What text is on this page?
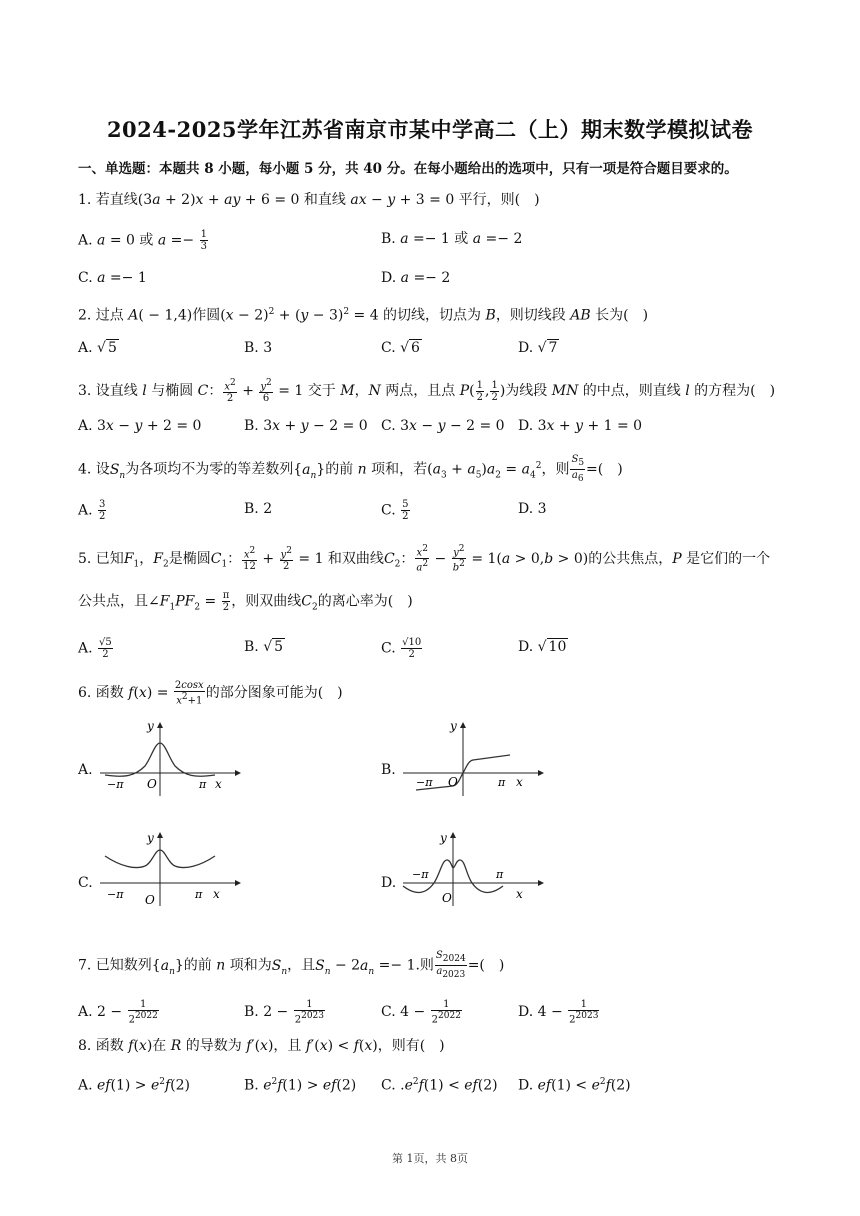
2024-2025学年江苏省南京市某中学高二（上）期末数学模拟试卷
一、单选题：本题共 8 小题，每小题 5 分，共 40 分。在每小题给出的选项中，只有一项是符合题目要求的。
1. 若直线(3a + 2)x + ay + 6 = 0 和直线 ax − y + 3 = 0 平行，则(　)
A. a = 0 或 $a =- \frac{1}{3}$	B. a =− 1 或 a =− 2
C. a =− 1	D. a =− 2
2. 过点 A( − 1,4)作圆$(x - 2)^2 + (y - 3)^2 = 4$ 的切线，切点为 B，则切线段 AB 长为(　)
A. √ 5	B. 3	C. √ 6	D. √ 7
3. 设直线 l 与椭圆 C： $\frac{x^2}{2} + \frac{y^2}{6} = 1$ 交于 M，N 两点，且点 $P( \frac{1}{2}$ , $\frac{1}{2}$ )为线段 MN 的中点，则直线 l 的方程为(　)
A. 3x − y + 2 = 0	B. 3x + y − 2 = 0 C. 3x − y − 2 = 0 D. 3x + y + 1 = 0
4. 设$S_n$为各项均不为零的等差数列$\{a_n\}$的前 n 项和，若$(a_3 + a_5)a_2 = a_4^2$，则 $\frac{S_5}{a_6}$ =(　)
A. $\frac{3}{2}$	B. 2	C. $\frac{5}{2}$	D. 3
5. 已知$F_1$，$F_2$是椭圆$C_1$： $\frac{x^2}{12} + \frac{y^2}{2} = 1$ 和双曲线$C_2$： $\frac{x^2}{a^2} - \frac{y^2}{b^2} = 1(a > 0,b > 0)$的公共焦点，P 是它们的一个
公共点，且$\angle F_1PF_2 = \frac{\pi}{2}$ ，则双曲线$C_2$的离心率为(　)
A. $\frac{√5}{2}$	B. √ 5	C. $\frac{√10}{2}$	D. √ 10
6. 函数 $f(x) = \frac{2\cos x}{x^2+1}$ 的部分图象可能为(　)
A.
y
O
−π	π x
B.
y
O
−π	π x
C.
y
O
−π	π x
D.
y
O
−π	π
x
7. 已知数列$\{a_n\}$的前 n 项和为$S_n$，且$S_n - 2a_n =- 1$.则 $\frac{S_{2024}}{a_{2023}}$ =(　)
A. $2 - \frac{1}{2^{2022}}$	B. $2 - \frac{1}{2^{2023}}$	C. $4 - \frac{1}{2^{2022}}$	D. $4 - \frac{1}{2^{2023}}$
8. 函数 f(x)在 R 的导数为 f′(x)，且 f′(x) < f(x)，则有(　)
A. $ef(1) > e^2f(2)$	B. $e^2f(1) > ef(2)$ C. $.e^2f(1) < ef(2)$ D. $ef(1) < e^2f(2)$
第 1页，共 8页
